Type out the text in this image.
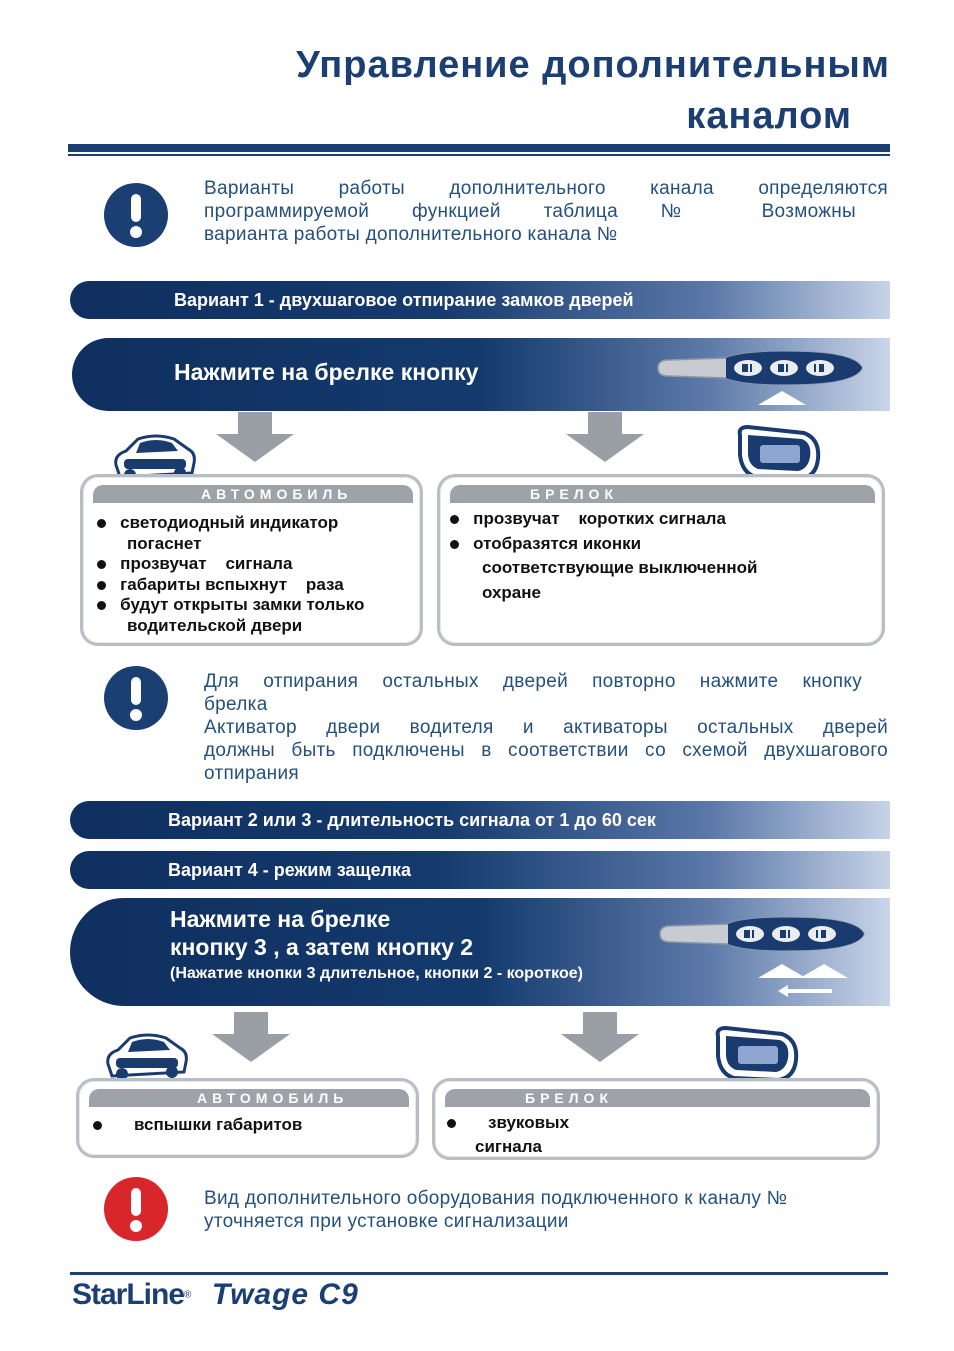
Управление дополнительным
каналом
Варианты работы дополнительного канала определяются
программируемой функцией таблица № Возможны
варианта работы дополнительного канала №
Вариант 1 - двухшаговое отпирание замков дверей
Нажмите на брелке кнопку
АВТОМОБИЛЬ
светодиодный индикатор
погаснет
прозвучат    сигнала
габариты вспыхнут    раза
будут открыты замки только
водительской двери
БРЕЛОК
прозвучат    коротких сигнала
отобразятся иконки
соответствующие выключенной
охране
Для отпирания остальных дверей повторно нажмите кнопку
брелка
Активатор двери водителя и активаторы остальных дверей
должны быть подключены в соответствии со схемой двухшагового
отпирания
Вариант 2 или 3 - длительность сигнала от 1 до 60 сек
Вариант 4 - режим защелка
Нажмите на брелке
кнопку 3 , а затем кнопку 2
(Нажатие кнопки 3 длительное, кнопки 2 - короткое)
АВТОМОБИЛЬ
вспышки габаритов
БРЕЛОК
звуковых
сигнала
Вид дополнительного оборудования подключенного к каналу №
уточняется при установке сигнализации
StarLine® Twage C9
